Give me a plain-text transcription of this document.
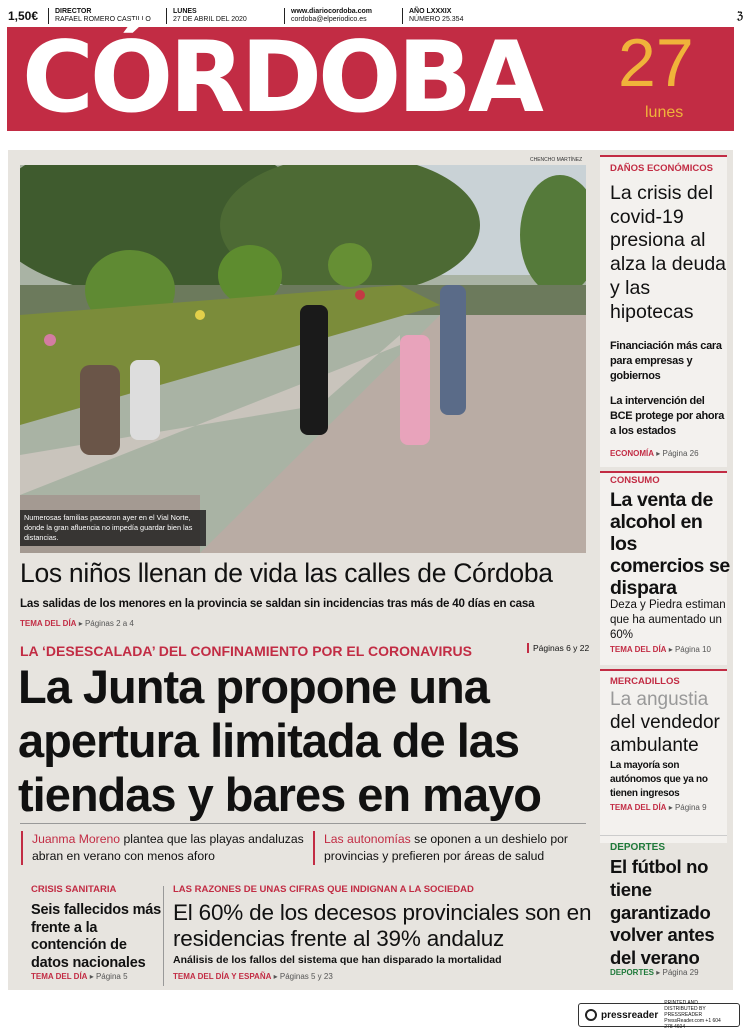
1,50€	DIRECTOR
RAFAEL ROMERO CASTILLO
LUNES
27 DE ABRIL DEL 2020
www.diariocordoba.com
cordoba@elperiodico.es
AÑO LXXXIX
NÚMERO 25.354	ℨ
CÓRDOBA 27
lunes
CHENCHO MARTÍNEZ
Numerosas familias pasearon ayer en el Vial Norte, donde la gran afluencia no impedía guardar bien las distancias.
Los niños llenan de vida las calles de Córdoba
Las salidas de los menores en la provincia se saldan sin incidencias tras más de 40 días en casa
TEMA DEL DÍA ▸ Páginas 2 a 4
LA ‘DESESCALADA’ DEL CONFINAMIENTO POR EL CORONAVIRUS	Páginas 6 y 22
La Junta propone una apertura limitada de las tiendas y bares en mayo
Juanma Moreno plantea que las playas andaluzas abran en verano con menos aforo
Las autonomías se oponen a un deshielo por provincias y prefieren por áreas de salud
CRISIS SANITARIA
Seis fallecidos más frente a la contención de datos nacionales
TEMA DEL DÍA ▸ Página 5
LAS RAZONES DE UNAS CIFRAS QUE INDIGNAN A LA SOCIEDAD
El 60% de los decesos provinciales son en residencias frente al 39% andaluz
Análisis de los fallos del sistema que han disparado la mortalidad
TEMA DEL DÍA Y ESPAÑA ▸ Páginas 5 y 23
DAÑOS ECONÓMICOS
CONSUMO
MERCADILLOS
La crisis del covid-19 presiona al alza la deuda y las hipotecas
Financiación más cara para empresas y gobiernos
La intervención del BCE protege por ahora a los estados
ECONOMÍA ▸ Página 26
La venta de alcohol en los comercios se dispara
Deza y Piedra estiman que ha aumentado un 60%
TEMA DEL DÍA ▸ Página 10
La angustia del vendedor ambulante
La mayoría son autónomos que ya no tienen ingresos
TEMA DEL DÍA ▸ Página 9
DEPORTES
El fútbol no tiene garantizado volver antes del verano
DEPORTES ▸ Página 29
pressreader
PRINTED AND DISTRIBUTED BY PRESSREADER PressReader.com +1 604 278 4604
